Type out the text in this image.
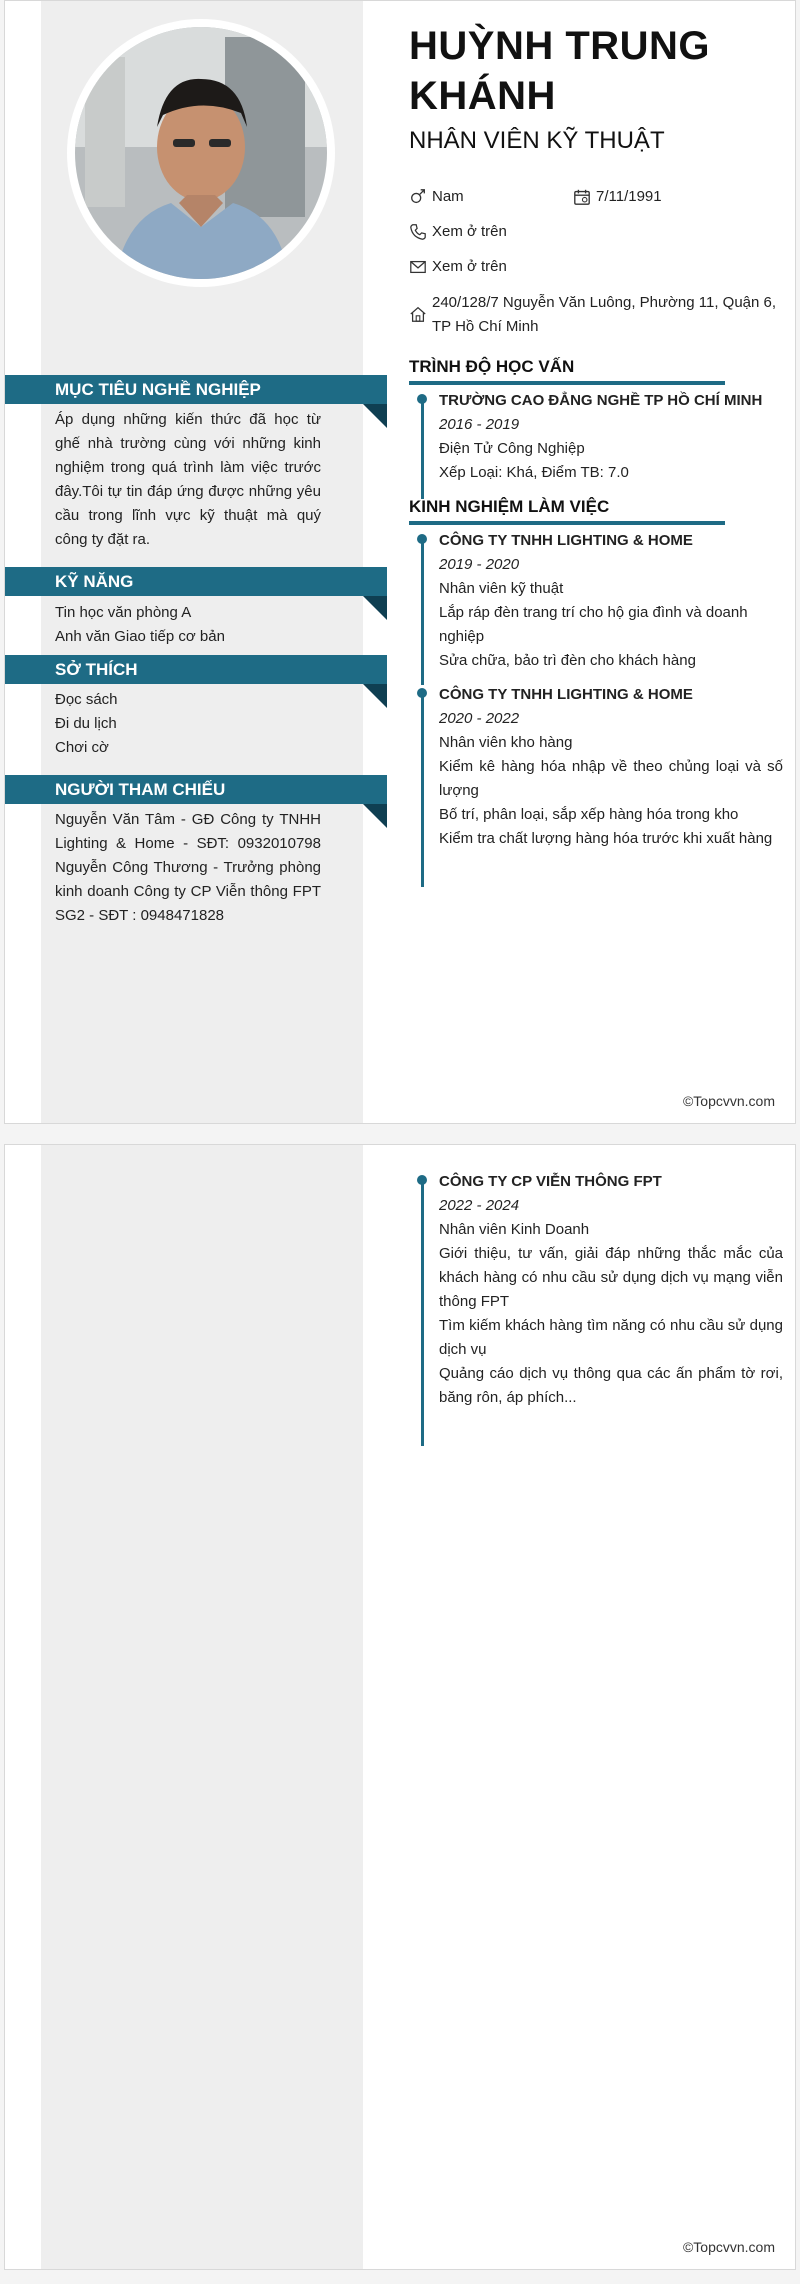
HUỲNH TRUNG KHÁNH
NHÂN VIÊN KỸ THUẬT
Nam	7/11/1991
Xem ở trên
Xem ở trên
240/128/7 Nguyễn Văn Luông, Phường 11, Quận 6, TP Hồ Chí Minh
MỤC TIÊU NGHỀ NGHIỆP
Áp dụng những kiến thức đã học từ ghế nhà trường cùng với những kinh nghiệm trong quá trình làm việc trước đây.Tôi tự tin đáp ứng được những yêu cầu trong lĩnh vực kỹ thuật mà quý công ty đặt ra.
KỸ NĂNG
Tin học văn phòng A
Anh văn Giao tiếp cơ bản
SỞ THÍCH
Đọc sách
Đi du lịch
Chơi cờ
NGƯỜI THAM CHIẾU
Nguyễn Văn Tâm - GĐ Công ty TNHH Lighting & Home - SĐT: 0932010798 Nguyễn Công Thương - Trưởng phòng kinh doanh Công ty CP Viễn thông FPT SG2 - SĐT : 0948471828
TRÌNH ĐỘ HỌC VẤN
TRƯỜNG CAO ĐẲNG NGHỀ TP HỒ CHÍ MINH
2016 - 2019
Điện Tử Công Nghiệp
Xếp Loại: Khá, Điểm TB: 7.0
KINH NGHIỆM LÀM VIỆC
CÔNG TY TNHH LIGHTING & HOME
2019 - 2020
Nhân viên kỹ thuật
Lắp ráp đèn trang trí cho hộ gia đình và doanh nghiệp
Sửa chữa, bảo trì đèn cho khách hàng
CÔNG TY TNHH LIGHTING & HOME
2020 - 2022
Nhân viên kho hàng
Kiểm kê hàng hóa nhập về theo chủng loại và số lượng
Bố trí, phân loại, sắp xếp hàng hóa trong kho
Kiểm tra chất lượng hàng hóa trước khi xuất hàng
©Topcvvn.com
CÔNG TY CP VIỄN THÔNG FPT
2022 - 2024
Nhân viên Kinh Doanh
Giới thiệu, tư vấn, giải đáp những thắc mắc của khách hàng có nhu cầu sử dụng dịch vụ mạng viễn thông FPT
Tìm kiếm khách hàng tìm năng có nhu cầu sử dụng dịch vụ
Quảng cáo dịch vụ thông qua các ấn phẩm tờ rơi, băng rôn, áp phích...
©Topcvvn.com
